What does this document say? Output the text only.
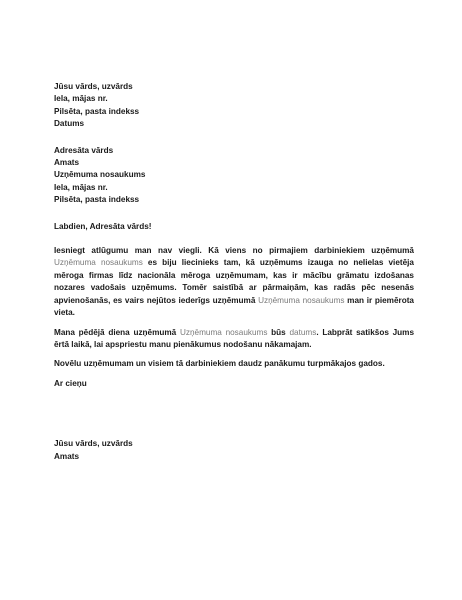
Jūsu vārds, uzvārds
Iela, mājas nr.
Pilsēta, pasta indekss
Datums
Adresāta vārds
Amats
Uzņēmuma nosaukums
Iela, mājas nr.
Pilsēta, pasta indekss
Labdien, Adresāta vārds!

Iesniegt atlūgumu man nav viegli. Kā viens no pirmajiem darbiniekiem uzņēmumā Uzņēmuma nosaukums es biju liecinieks tam, kā uzņēmums izauga no nelielas vietēja mēroga firmas līdz nacionāla mēroga uzņēmumam, kas ir mācību grāmatu izdošanas nozares vadošais uzņēmums. Tomēr saistībā ar pārmaiņām, kas radās pēc nesenās apvienošanās, es vairs nejūtos iederīgs uzņēmumā Uzņēmuma nosaukums man ir piemērota vieta.

Mana pēdējā diena uzņēmumā Uzņēmuma nosaukums būs datums. Labprāt satikšos Jums ērtā laikā, lai apspriestu manu pienākumus nodošanu nākamajam.

Novēlu uzņēmumam un visiem tā darbiniekiem daudz panākumu turpmākajos gados.

Ar cieņu
Jūsu vārds, uzvārds
Amats
